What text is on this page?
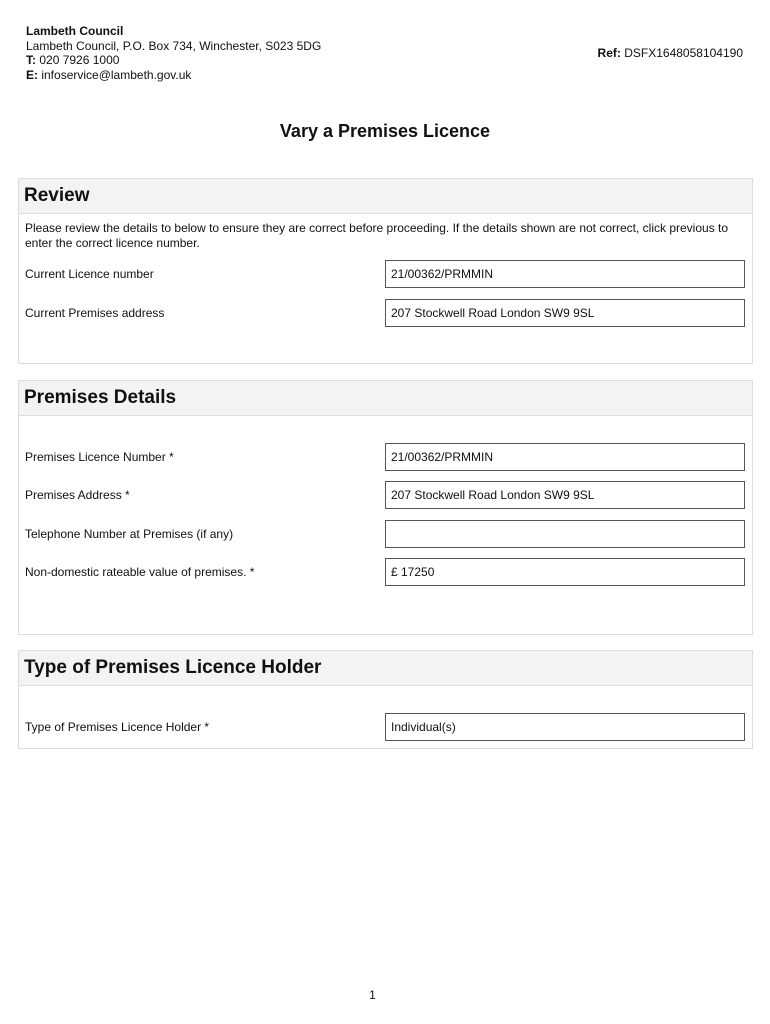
Lambeth Council
Lambeth Council, P.O. Box 734, Winchester, S023 5DG
T: 020 7926 1000
E: infoservice@lambeth.gov.uk
Ref: DSFX1648058104190
Vary a Premises Licence
Review
Please review the details to below to ensure they are correct before proceeding. If the details shown are not correct, click previous to enter the correct licence number.
Current Licence number	21/00362/PRMMIN
Current Premises address	207 Stockwell Road London SW9 9SL
Premises Details
Premises Licence Number *	21/00362/PRMMIN
Premises Address *	207 Stockwell Road London SW9 9SL
Telephone Number at Premises (if any)
Non-domestic rateable value of premises. *	£ 17250
Type of Premises Licence Holder
Type of Premises Licence Holder *	Individual(s)
1
